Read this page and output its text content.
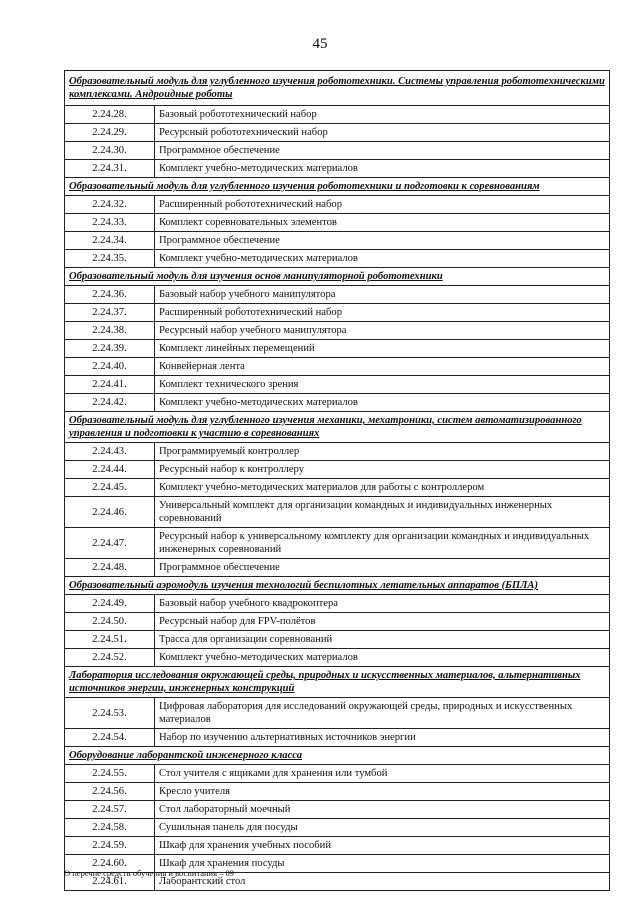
45
Образовательный модуль для углубленного изучения робототехники. Системы управления робототехническими комплексами. Андроидные роботы	
2.24.28.	Базовый робототехнический набор
2.24.29.	Ресурсный робототехнический набор
2.24.30.	Программное обеспечение
2.24.31.	Комплект учебно-методических материалов
Образовательный модуль для углубленного изучения робототехники и подготовки к соревнованиям	
2.24.32.	Расширенный робототехнический набор
2.24.33.	Комплект соревновательных элементов
2.24.34.	Программное обеспечение
2.24.35.	Комплект учебно-методических материалов
Образовательный модуль для изучения основ манипуляторной робототехники	
2.24.36.	Базовый набор учебного манипулятора
2.24.37.	Расширенный робототехнический набор
2.24.38.	Ресурсный набор учебного манипулятора
2.24.39.	Комплект линейных перемещений
2.24.40.	Конвейерная лента
2.24.41.	Комплект технического зрения
2.24.42.	Комплект учебно-методических материалов
Образовательный модуль для углубленного изучения механики, мехатроники, систем автоматизированного управления и подготовки к участию в соревнованиях	
2.24.43.	Программируемый контроллер
2.24.44.	Ресурсный набор к контроллеру
2.24.45.	Комплект учебно-методических материалов для работы с контроллером
2.24.46.	Универсальный комплект для организации командных и индивидуальных инженерных соревнований
2.24.47.	Ресурсный набор к универсальному комплекту для организации командных и индивидуальных инженерных соревнований
2.24.48.	Программное обеспечение
Образовательный аэромодуль изучения технологий беспилотных летательных аппаратов (БПЛА)	
2.24.49.	Базовый набор учебного квадрокоптера
2.24.50.	Ресурсный набор для FPV-полётов
2.24.51.	Трасса для организации соревнований
2.24.52.	Комплект учебно-методических материалов
Лаборатория исследования окружающей среды, природных и искусственных материалов, альтернативных источников энергии, инженерных конструкций	
2.24.53.	Цифровая лаборатория для исследований окружающей среды, природных и искусственных материалов
2.24.54.	Набор по изучению альтернативных источников энергии
Оборудование лаборантской инженерного класса	
2.24.55.	Стол учителя с ящиками для хранения или тумбой
2.24.56.	Кресло учителя
2.24.57.	Стол лабораторный моечный
2.24.58.	Сушильная панель для посуды
2.24.59.	Шкаф для хранения учебных пособий
2.24.60.	Шкаф для хранения посуды
2.24.61.	Лаборантский стол
О перечне средств обучения и воспитания – 09
